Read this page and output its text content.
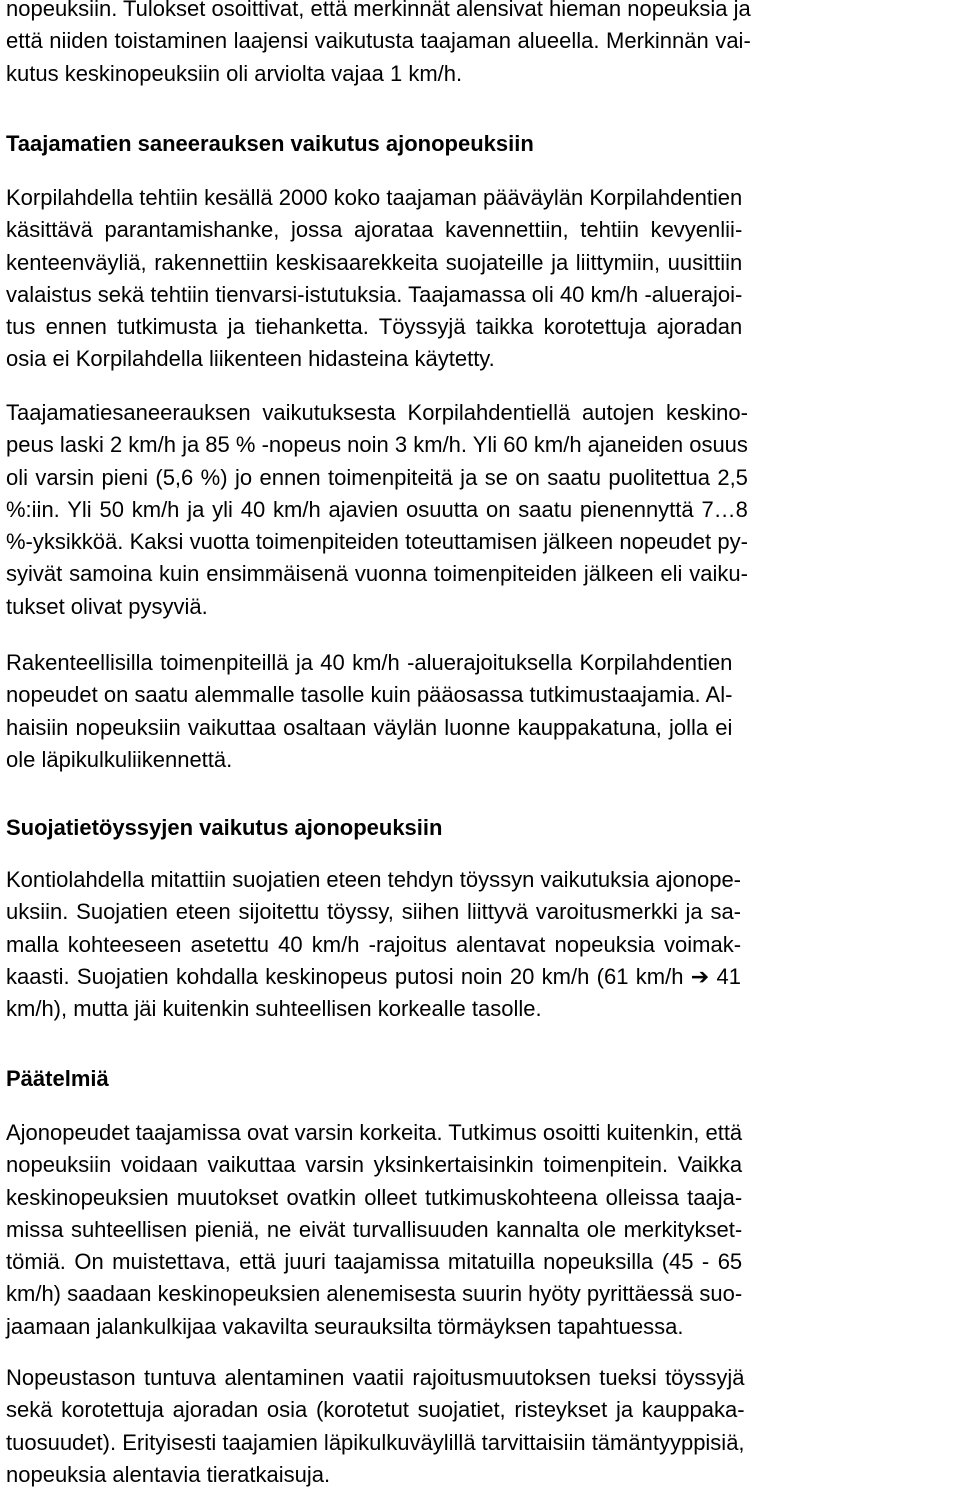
nopeuksiin. Tulokset osoittivat, että merkinnät alensivat hieman nopeuksia ja
että niiden toistaminen laajensi vaikutusta taajaman alueella. Merkinnän vai-
kutus keskinopeuksiin oli arviolta vajaa 1 km/h.

Taajamatien saneerauksen vaikutus ajonopeuksiin

Korpilahdella tehtiin kesällä 2000 koko taajaman pääväylän Korpilahdentien
käsittävä parantamishanke, jossa ajorataa kavennettiin, tehtiin kevyenlii-
kenteenväyliä, rakennettiin keskisaarekkeita suojateille ja liittymiin, uusittiin
valaistus sekä tehtiin tienvarsi-istutuksia. Taajamassa oli 40 km/h -aluerajoi-
tus ennen tutkimusta ja tiehanketta. Töyssyjä taikka korotettuja ajoradan
osia ei Korpilahdella liikenteen hidasteina käytetty.

Taajamatiesaneerauksen vaikutuksesta Korpilahdentiellä autojen keskino-
peus laski 2 km/h ja 85 % -nopeus noin 3 km/h. Yli 60 km/h ajaneiden osuus
oli varsin pieni (5,6 %) jo ennen toimenpiteitä ja se on saatu puolitettua 2,5
%:iin. Yli 50 km/h ja yli 40 km/h ajavien osuutta on saatu pienennyttä 7…8
%-yksikköä. Kaksi vuotta toimenpiteiden toteuttamisen jälkeen nopeudet py-
syivät samoina kuin ensimmäisenä vuonna toimenpiteiden jälkeen eli vaiku-
tukset olivat pysyviä.

Rakenteellisilla toimenpiteillä ja 40 km/h -aluerajoituksella Korpilahdentien
nopeudet on saatu alemmalle tasolle kuin pääosassa tutkimustaajamia. Al-
haisiin nopeuksiin vaikuttaa osaltaan väylän luonne kauppakatuna, jolla ei
ole läpikulkuliikennettä.

Suojatietöyssyjen vaikutus ajonopeuksiin

Kontiolahdella mitattiin suojatien eteen tehdyn töyssyn vaikutuksia ajonope-
uksiin. Suojatien eteen sijoitettu töyssy, siihen liittyvä varoitusmerkki ja sa-
malla kohteeseen asetettu 40 km/h -rajoitus alentavat nopeuksia voimak-
kaasti. Suojatien kohdalla keskinopeus putosi noin 20 km/h (61 km/h ➔ 41
km/h), mutta jäi kuitenkin suhteellisen korkealle tasolle.

Päätelmiä

Ajonopeudet taajamissa ovat varsin korkeita. Tutkimus osoitti kuitenkin, että
nopeuksiin voidaan vaikuttaa varsin yksinkertaisinkin toimenpitein. Vaikka
keskinopeuksien muutokset ovatkin olleet tutkimuskohteena olleissa taaja-
missa suhteellisen pieniä, ne eivät turvallisuuden kannalta ole merkitykset-
tömiä. On muistettava, että juuri taajamissa mitatuilla nopeuksilla (45 - 65
km/h) saadaan keskinopeuksien alenemisesta suurin hyöty pyrittäessä suo-
jaamaan jalankulkijaa vakavilta seurauksilta törmäyksen tapahtuessa.

Nopeustason tuntuva alentaminen vaatii rajoitusmuutoksen tueksi töyssyjä
sekä korotettuja ajoradan osia (korotetut suojatiet, risteykset ja kauppaka-
tuosuudet). Erityisesti taajamien läpikulkuväylillä tarvittaisiin tämäntyyppisiä,
nopeuksia alentavia tieratkaisuja.
